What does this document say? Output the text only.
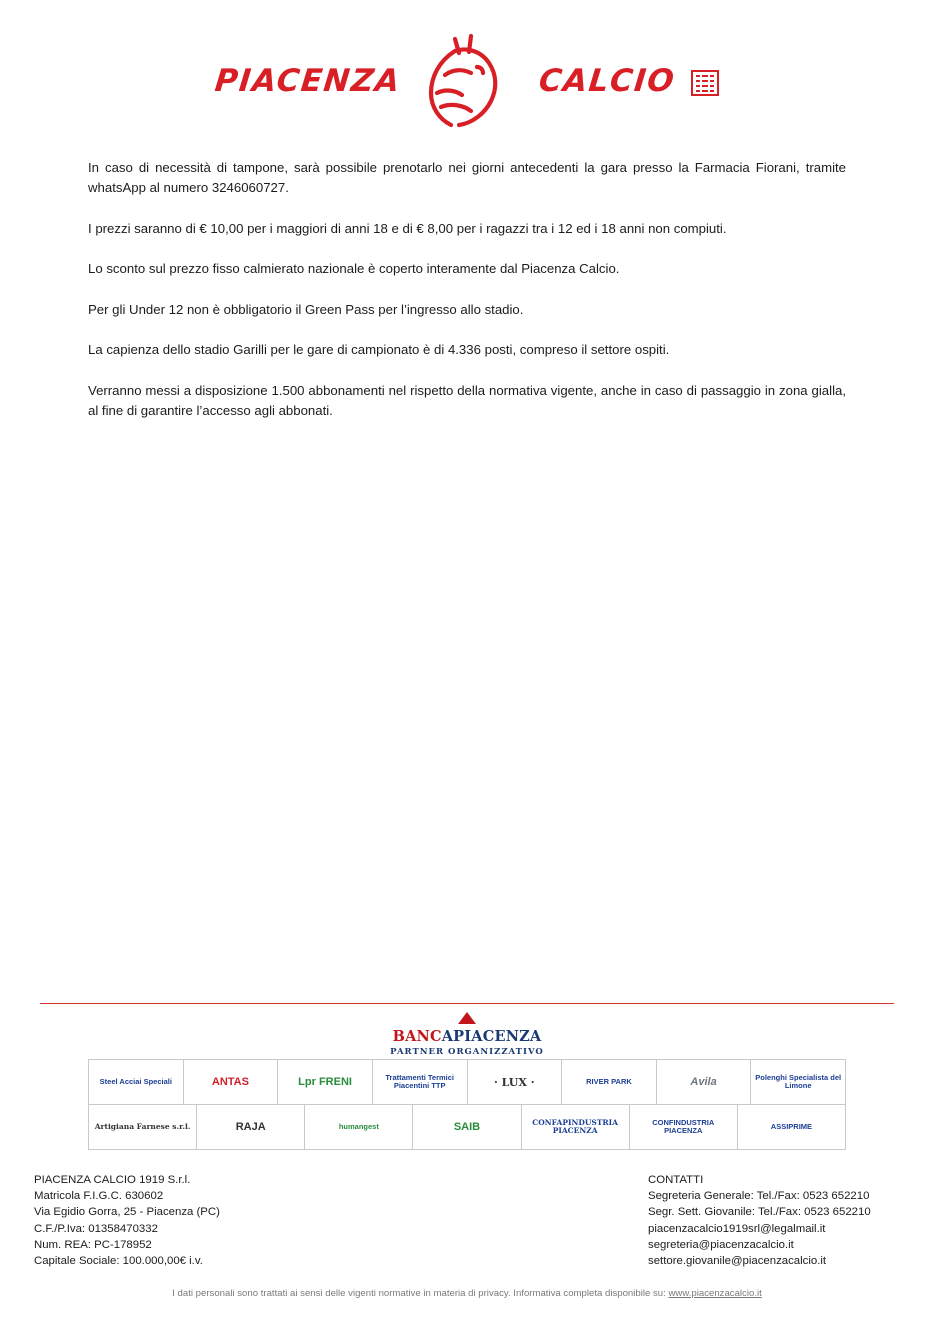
PIACENZA	CALCIO

In caso di necessità di tampone, sarà possibile prenotarlo nei giorni antecedenti la gara presso la Farmacia Fiorani, tramite whatsApp al numero 3246060727.

I prezzi saranno di € 10,00 per i maggiori di anni 18 e di € 8,00 per i ragazzi tra i 12 ed i 18 anni non compiuti.

Lo sconto sul prezzo fisso calmierato nazionale è coperto interamente dal Piacenza Calcio.

Per gli Under 12 non è obbligatorio il Green Pass per l’ingresso allo stadio.

La capienza dello stadio Garilli per le gare di campionato è di 4.336 posti, compreso il settore ospiti.

Verranno messi a disposizione 1.500 abbonamenti nel rispetto della normativa vigente, anche in caso di passaggio in zona gialla, al fine di garantire l’accesso agli abbonati.

BANCAPIACENZA
PARTNER ORGANIZZATIVO
Steel Acciai Speciali	ANTAS	Lpr FRENI	Trattamenti Termici Piacentini TTP	· LUX ·	RIVER PARK	Avila	Polenghi Specialista del Limone
Artigiana Farnese s.r.l.	RAJA	humangest	SAIB	CONFAPINDUSTRIA PIACENZA
CONFINDUSTRIA PIACENZA	ASSIPRIME
PIACENZA CALCIO 1919 S.r.l.
Matricola F.I.G.C. 630602
Via Egidio Gorra, 25 - Piacenza (PC)
C.F./P.Iva: 01358470332
Num. REA: PC-178952
Capitale Sociale: 100.000,00€ i.v.
CONTATTI
Segreteria Generale: Tel./Fax: 0523 652210
Segr. Sett. Giovanile: Tel./Fax: 0523 652210
piacenzacalcio1919srl@legalmail.it
segreteria@piacenzacalcio.it
settore.giovanile@piacenzacalcio.it
I dati personali sono trattati ai sensi delle vigenti normative in materia di privacy. Informativa completa disponibile su: www.piacenzacalcio.it
